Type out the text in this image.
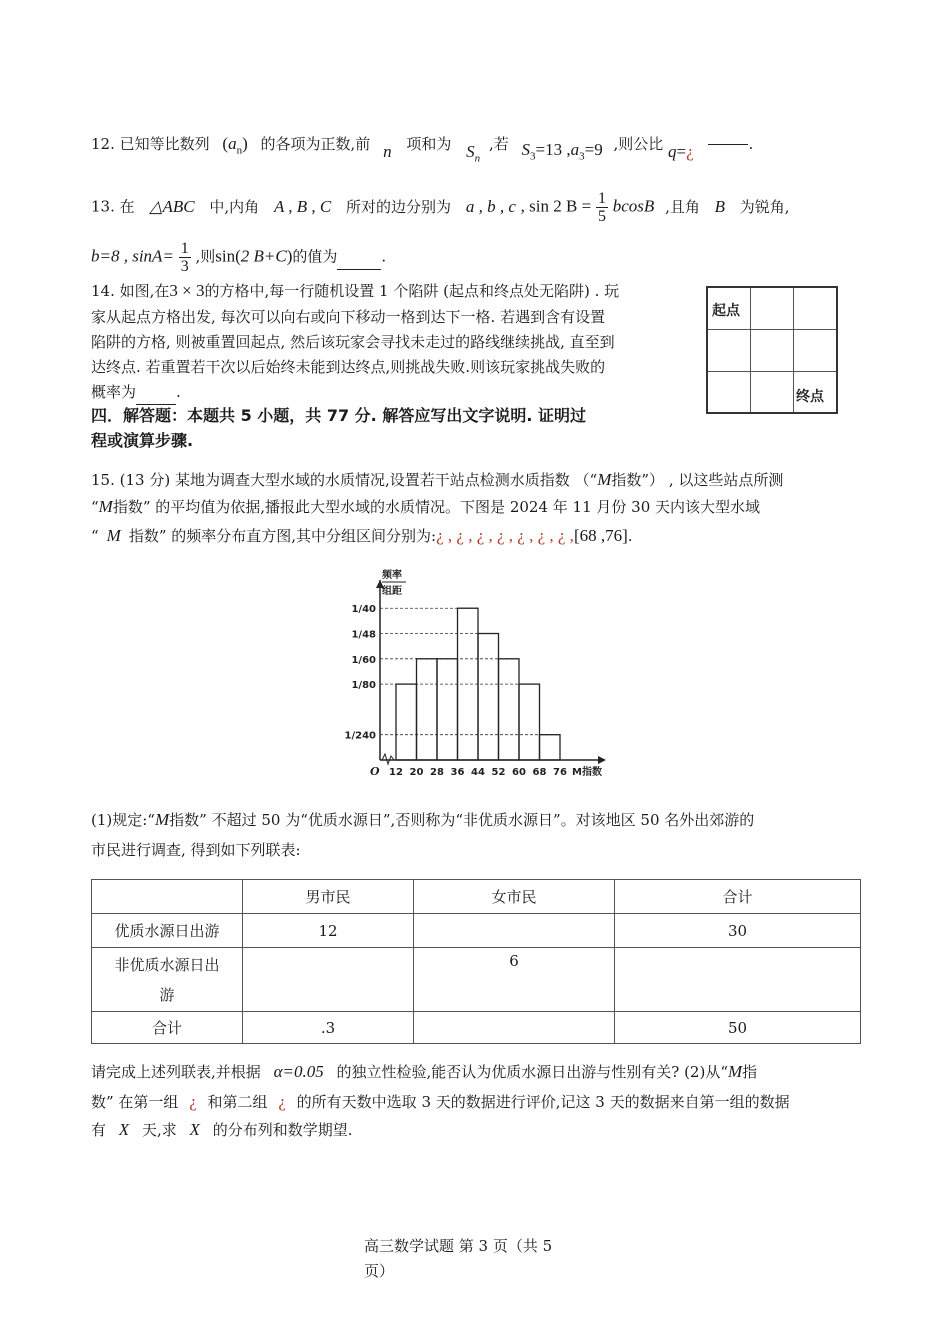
12. 已知等比数列 $(a_n)$ 的各项为正数,前 n 项和为 $S_n$ ,若 $S_3=13$ $,a_3=9$ ,则公比 q=¿	.
13. 在 △ABC 中,内角 A , B , C 所对的边分别为 a , b , c , sin 2 $B = \frac{1}{5}$ bcosB ,且角 B 为锐角,
b=8 , $\sin A= \frac{1}{3}$ ,则sin(2 B+C)的值为	.
14. 如图,在3 × 3的方格中,每一行随机设置 1 个陷阱 (起点和终点处无陷阱) . 玩
家从起点方格出发, 每次可以向右或向下移动一格到达下一格. 若遇到含有设置
陷阱的方格, 则被重置回起点, 然后该玩家会寻找未走过的路线继续挑战, 直至到
达终点. 若重置若干次以后始终未能到达终点,则挑战失败.则该玩家挑战失败的
概率为	.
起点
终点
四．解答题：本题共 5 小题，共 77 分. 解答应写出文字说明. 证明过
程或演算步骤.
15. (13 分) 某地为调查大型水域的水质情况,设置若干站点检测水质指数 （“M指数”） , 以这些站点所测
“M指数” 的平均值为依据,播报此大型水域的水质情况。下图是 2024 年 11 月份 30 天内该大型水域
“ M 指数” 的频率分布直方图,其中分组区间分别为:¿ , ¿ , ¿ , ¿ , ¿ , ¿ , ¿ ,[68 ,76].
1/40
1/48
1/60
1/80
1/240
12 20 28 36 44 52 60 68 76
O	M指数
频率
组距
(1)规定:“M指数” 不超过 50 为“优质水源日”,否则称为“非优质水源日”。对该地区 50 名外出郊游的
市民进行调查, 得到如下列联表:
	男市民	女市民	合计
优质水源日出游	12		30
非优质水源日出
游		6	
合计	.3		50
请完成上述列联表,并根据 α=0.05 的独立性检验,能否认为优质水源日出游与性别有关? (2)从“M指
数” 在第一组 ¿ 和第二组 ¿ 的所有天数中选取 3 天的数据进行评价,记这 3 天的数据来自第一组的数据
有 X 天,求 X 的分布列和数学期望.
高三数学试题 第 3 页（共 5
页）
